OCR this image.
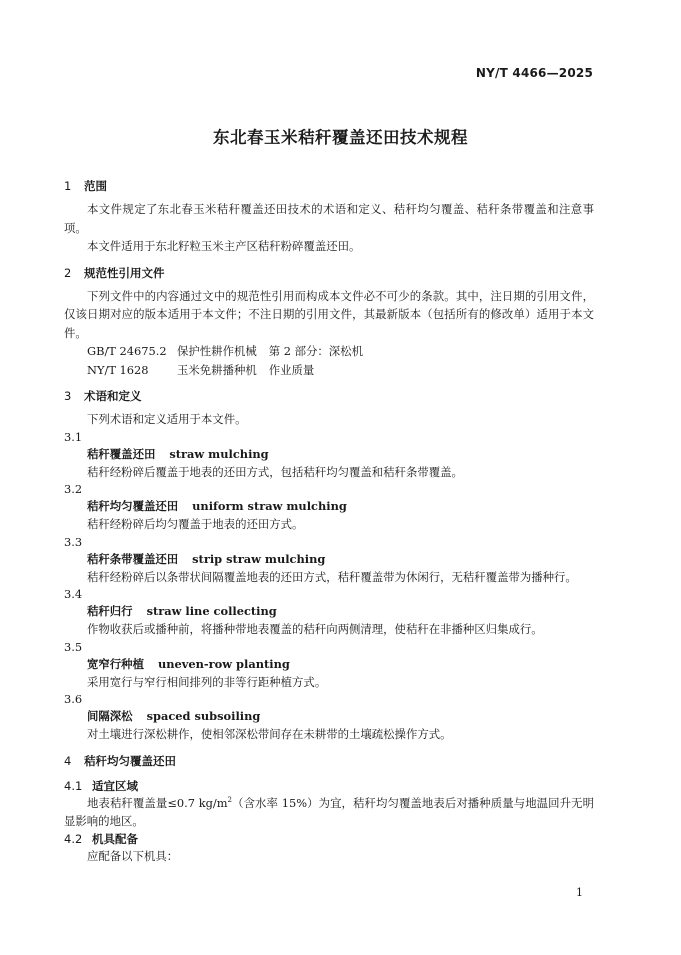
NY/T 4466—2025
东北春玉米秸秆覆盖还田技术规程
1 范围

本文件规定了东北春玉米秸秆覆盖还田技术的术语和定义、秸秆均匀覆盖、秸秆条带覆盖和注意事项。

本文件适用于东北籽粒玉米主产区秸秆粉碎覆盖还田。

2 规范性引用文件

下列文件中的内容通过文中的规范性引用而构成本文件必不可少的条款。其中，注日期的引用文件，仅该日期对应的版本适用于本文件；不注日期的引用文件，其最新版本（包括所有的修改单）适用于本文件。

GB/T 24675.2 保护性耕作机械 第 2 部分：深松机

NY/T 1628 玉米免耕播种机 作业质量

3 术语和定义

下列术语和定义适用于本文件。

3.1

秸秆覆盖还田 straw mulching

秸秆经粉碎后覆盖于地表的还田方式，包括秸秆均匀覆盖和秸秆条带覆盖。

3.2

秸秆均匀覆盖还田 uniform straw mulching

秸秆经粉碎后均匀覆盖于地表的还田方式。

3.3

秸秆条带覆盖还田 strip straw mulching

秸秆经粉碎后以条带状间隔覆盖地表的还田方式，秸秆覆盖带为休闲行，无秸秆覆盖带为播种行。

3.4

秸秆归行 straw line collecting

作物收获后或播种前，将播种带地表覆盖的秸秆向两侧清理，使秸秆在非播种区归集成行。

3.5

宽窄行种植 uneven-row planting

采用宽行与窄行相间排列的非等行距种植方式。

3.6

间隔深松 spaced subsoiling

对土壤进行深松耕作，使相邻深松带间存在未耕带的土壤疏松操作方式。

4 秸秆均匀覆盖还田
4.1 适宜区域

地表秸秆覆盖量≤0.7 $kg/m^2$（含水率 15%）为宜，秸秆均匀覆盖地表后对播种质量与地温回升无明显影响的地区。

4.2 机具配备

应配备以下机具：

1
